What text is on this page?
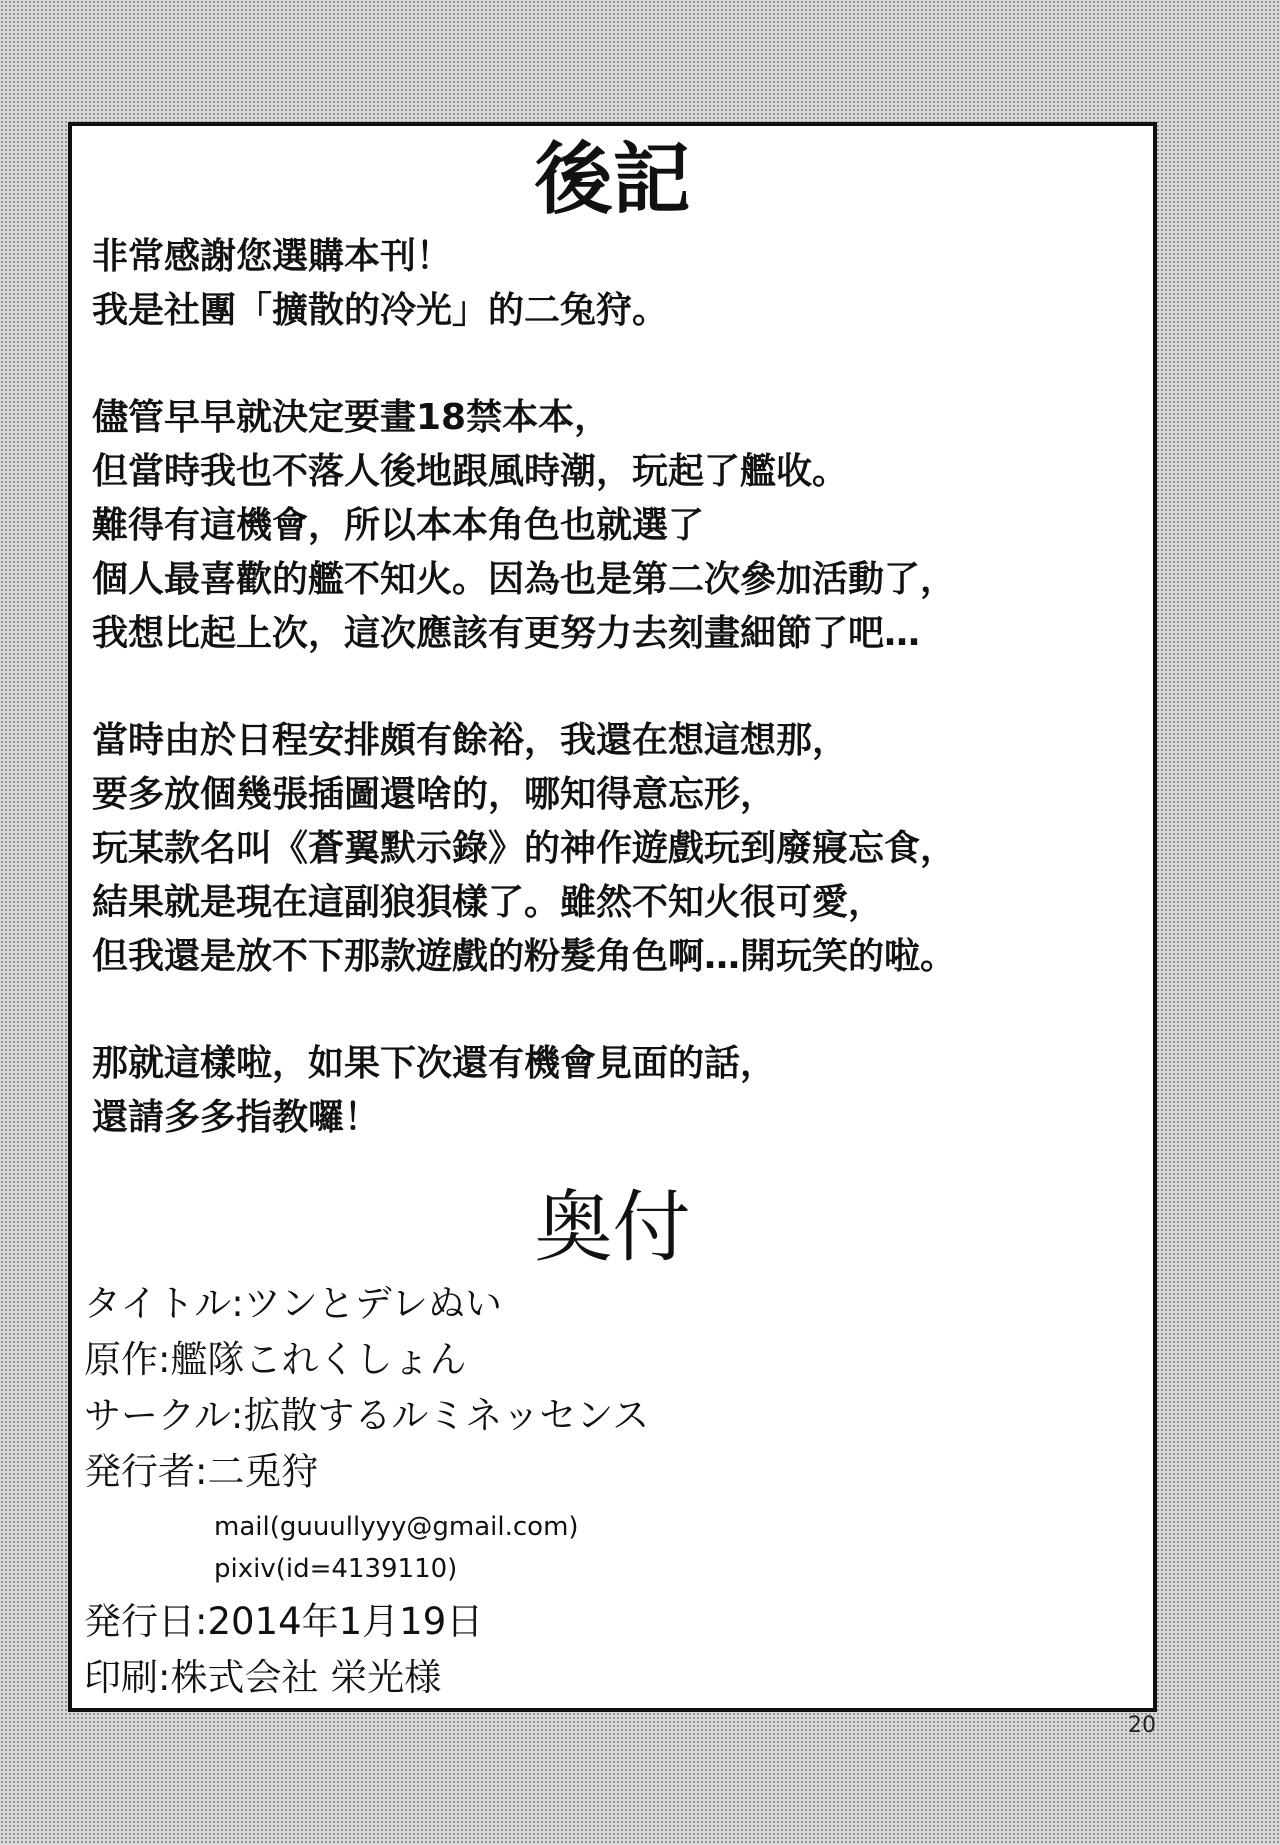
後記
非常感謝您選購本刊！
我是社團「擴散的冷光」的二兔狩。
儘管早早就決定要畫18禁本本，
但當時我也不落人後地跟風時潮，玩起了艦收。
難得有這機會，所以本本角色也就選了
個人最喜歡的艦不知火。因為也是第二次參加活動了，
我想比起上次，這次應該有更努力去刻畫細節了吧…
當時由於日程安排頗有餘裕，我還在想這想那，
要多放個幾張插圖還啥的，哪知得意忘形，
玩某款名叫《蒼翼默示錄》的神作遊戲玩到廢寢忘食，
結果就是現在這副狼狽樣了。雖然不知火很可愛，
但我還是放不下那款遊戲的粉髮角色啊…開玩笑的啦。
那就這樣啦，如果下次還有機會見面的話，
還請多多指教囉！
奥付
タイトル:ツンとデレぬい
原作:艦隊これくしょん
サークル:拡散するルミネッセンス
発行者:二兎狩
mail(guuullyyy@gmail.com)
pixiv(id=4139110)
発行日:2014年1月19日
印刷:株式会社 栄光様
20
